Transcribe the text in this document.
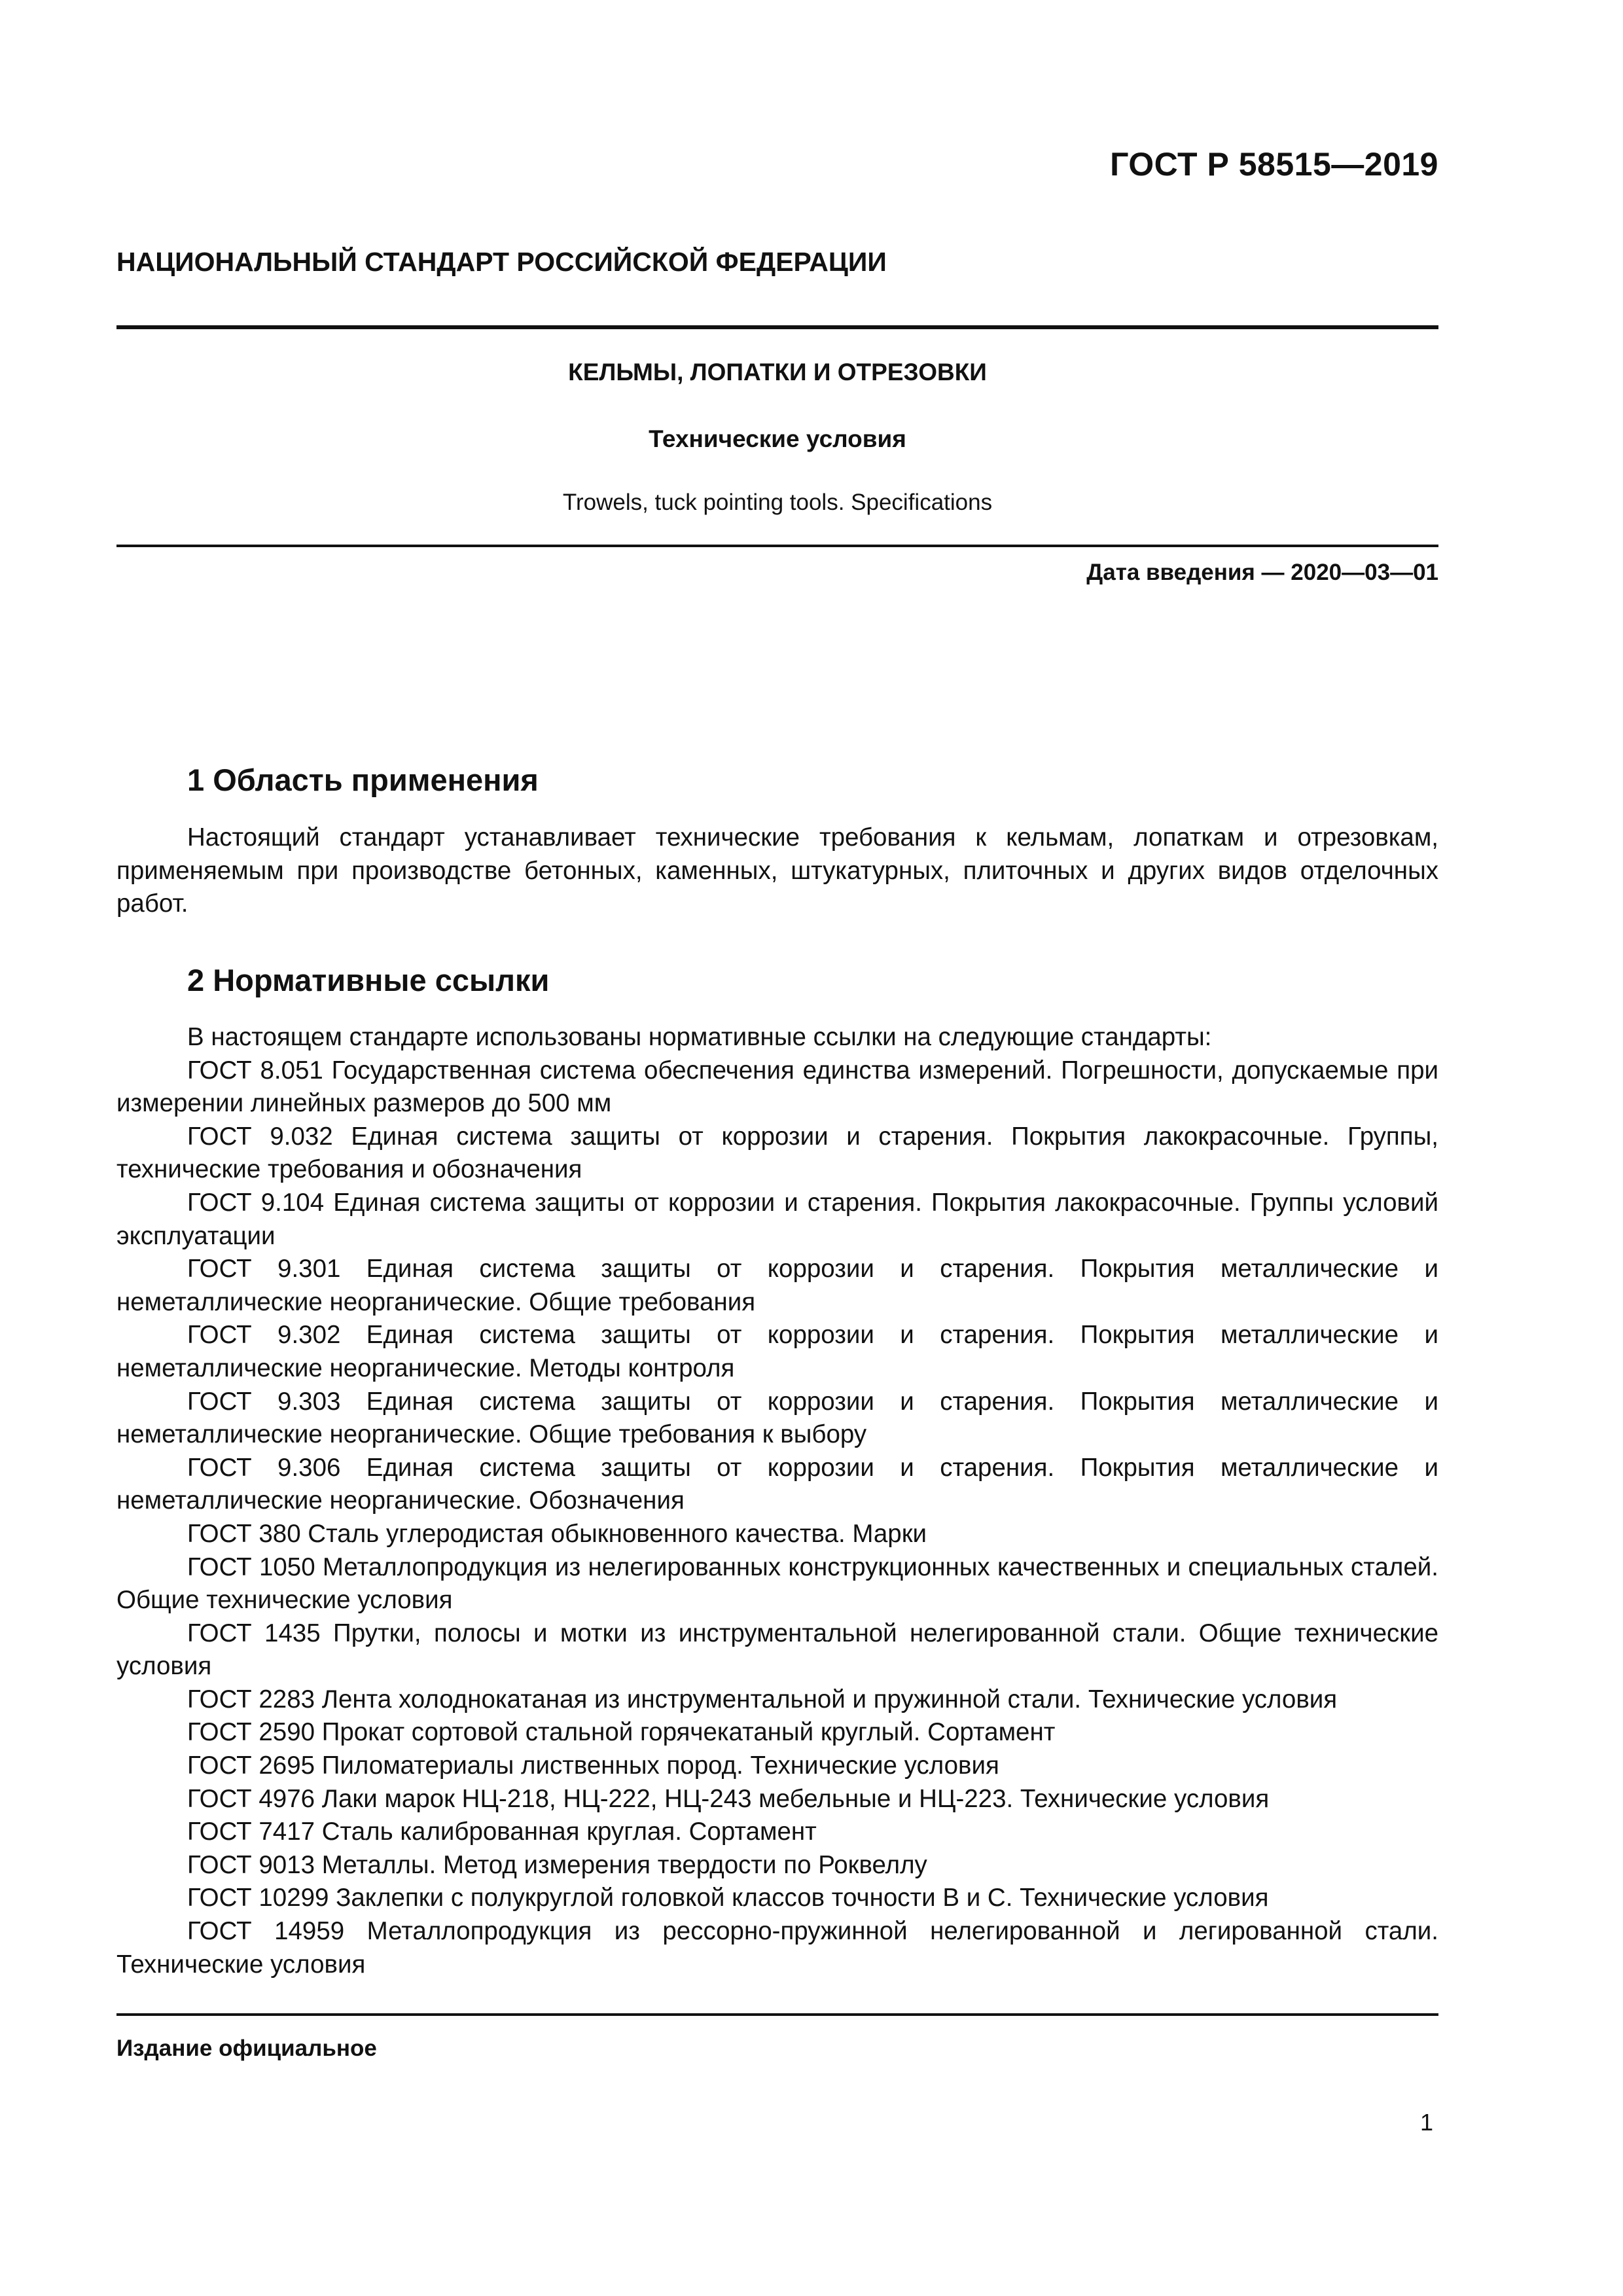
ГОСТ Р 58515—2019
НАЦИОНАЛЬНЫЙ СТАНДАРТ РОССИЙСКОЙ ФЕДЕРАЦИИ
КЕЛЬМЫ, ЛОПАТКИ И ОТРЕЗОВКИ
Технические условия
Trowels, tuck pointing tools. Specifications
Дата введения — 2020—03—01
1 Область применения

Настоящий стандарт устанавливает технические требования к кельмам, лопаткам и отрезовкам, применяемым при производстве бетонных, каменных, штукатурных, плиточных и других видов отделочных работ.

2 Нормативные ссылки

В настоящем стандарте использованы нормативные ссылки на следующие стандарты:

ГОСТ 8.051 Государственная система обеспечения единства измерений. Погрешности, допускаемые при измерении линейных размеров до 500 мм

ГОСТ 9.032 Единая система защиты от коррозии и старения. Покрытия лакокрасочные. Группы, технические требования и обозначения

ГОСТ 9.104 Единая система защиты от коррозии и старения. Покрытия лакокрасочные. Группы условий эксплуатации

ГОСТ 9.301 Единая система защиты от коррозии и старения. Покрытия металлические и неметаллические неорганические. Общие требования

ГОСТ 9.302 Единая система защиты от коррозии и старения. Покрытия металлические и неметаллические неорганические. Методы контроля

ГОСТ 9.303 Единая система защиты от коррозии и старения. Покрытия металлические и неметаллические неорганические. Общие требования к выбору

ГОСТ 9.306 Единая система защиты от коррозии и старения. Покрытия металлические и неметаллические неорганические. Обозначения

ГОСТ 380 Сталь углеродистая обыкновенного качества. Марки

ГОСТ 1050 Металлопродукция из нелегированных конструкционных качественных и специальных сталей. Общие технические условия

ГОСТ 1435 Прутки, полосы и мотки из инструментальной нелегированной стали. Общие технические условия

ГОСТ 2283 Лента холоднокатаная из инструментальной и пружинной стали. Технические условия

ГОСТ 2590 Прокат сортовой стальной горячекатаный круглый. Сортамент

ГОСТ 2695 Пиломатериалы лиственных пород. Технические условия

ГОСТ 4976 Лаки марок НЦ-218, НЦ-222, НЦ-243 мебельные и НЦ-223. Технические условия

ГОСТ 7417 Сталь калиброванная круглая. Сортамент

ГОСТ 9013 Металлы. Метод измерения твердости по Роквеллу

ГОСТ 10299 Заклепки с полукруглой головкой классов точности В и С. Технические условия

ГОСТ 14959 Металлопродукция из рессорно-пружинной нелегированной и легированной стали. Технические условия

Издание официальное
1
